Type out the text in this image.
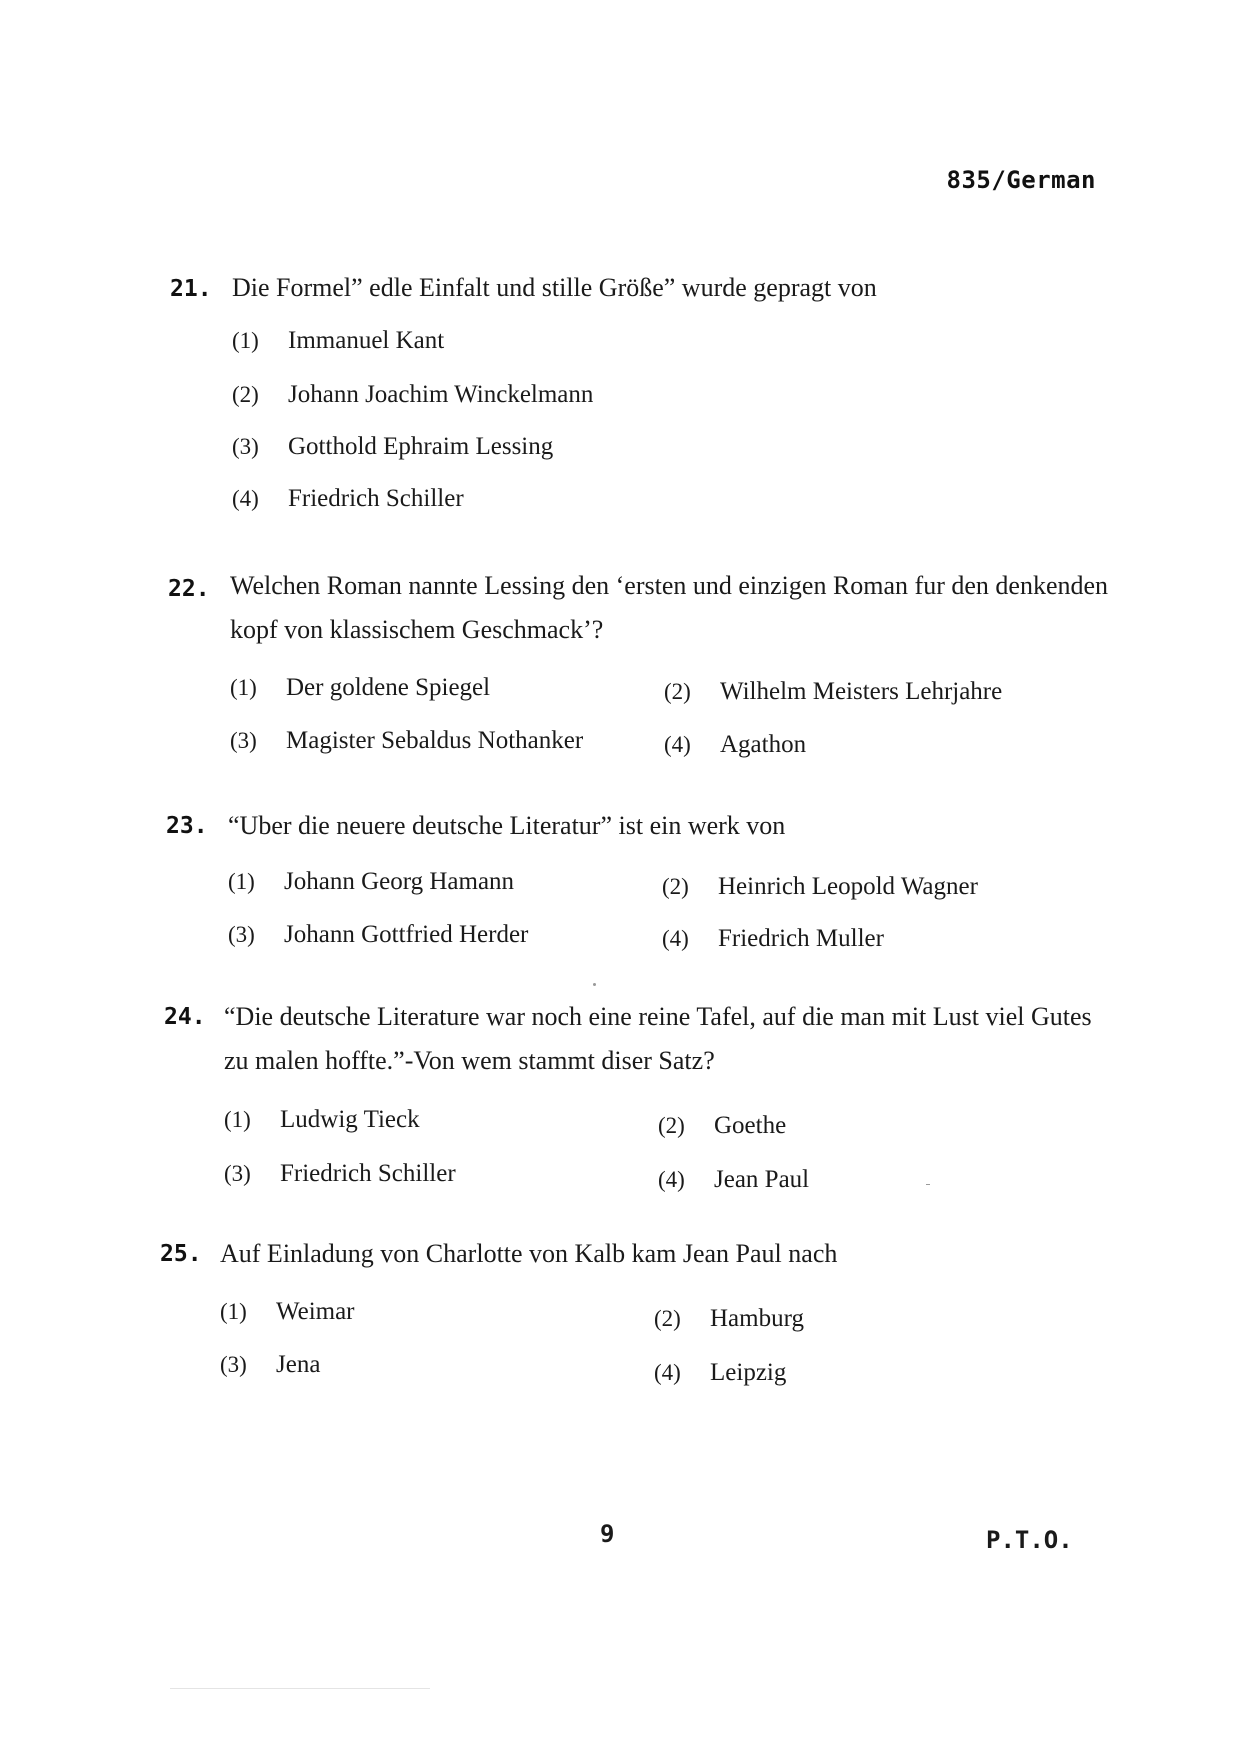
835/German
21. Die Formel” edle Einfalt und stille Größe” wurde gepragt von
(1) Immanuel Kant
(2) Johann Joachim Winckelmann
(3) Gotthold Ephraim Lessing
(4) Friedrich Schiller
22. Welchen Roman nannte Lessing den ‘ersten und einzigen Roman fur den denkenden kopf von klassischem Geschmack’?
(1) Der goldene Spiegel	(2) Wilhelm Meisters Lehrjahre
(3) Magister Sebaldus Nothanker	(4) Agathon
23. “Uber die neuere deutsche Literatur” ist ein werk von
(1) Johann Georg Hamann	(2) Heinrich Leopold Wagner
(3) Johann Gottfried Herder	(4) Friedrich Muller
24. “Die deutsche Literature war noch eine reine Tafel, auf die man mit Lust viel Gutes zu malen hoffte.”-Von wem stammt diser Satz?
(1) Ludwig Tieck	(2) Goethe
(3) Friedrich Schiller	(4) Jean Paul
25. Auf Einladung von Charlotte von Kalb kam Jean Paul nach
(1) Weimar	(2) Hamburg
(3) Jena	(4) Leipzig
9	P.T.O.
